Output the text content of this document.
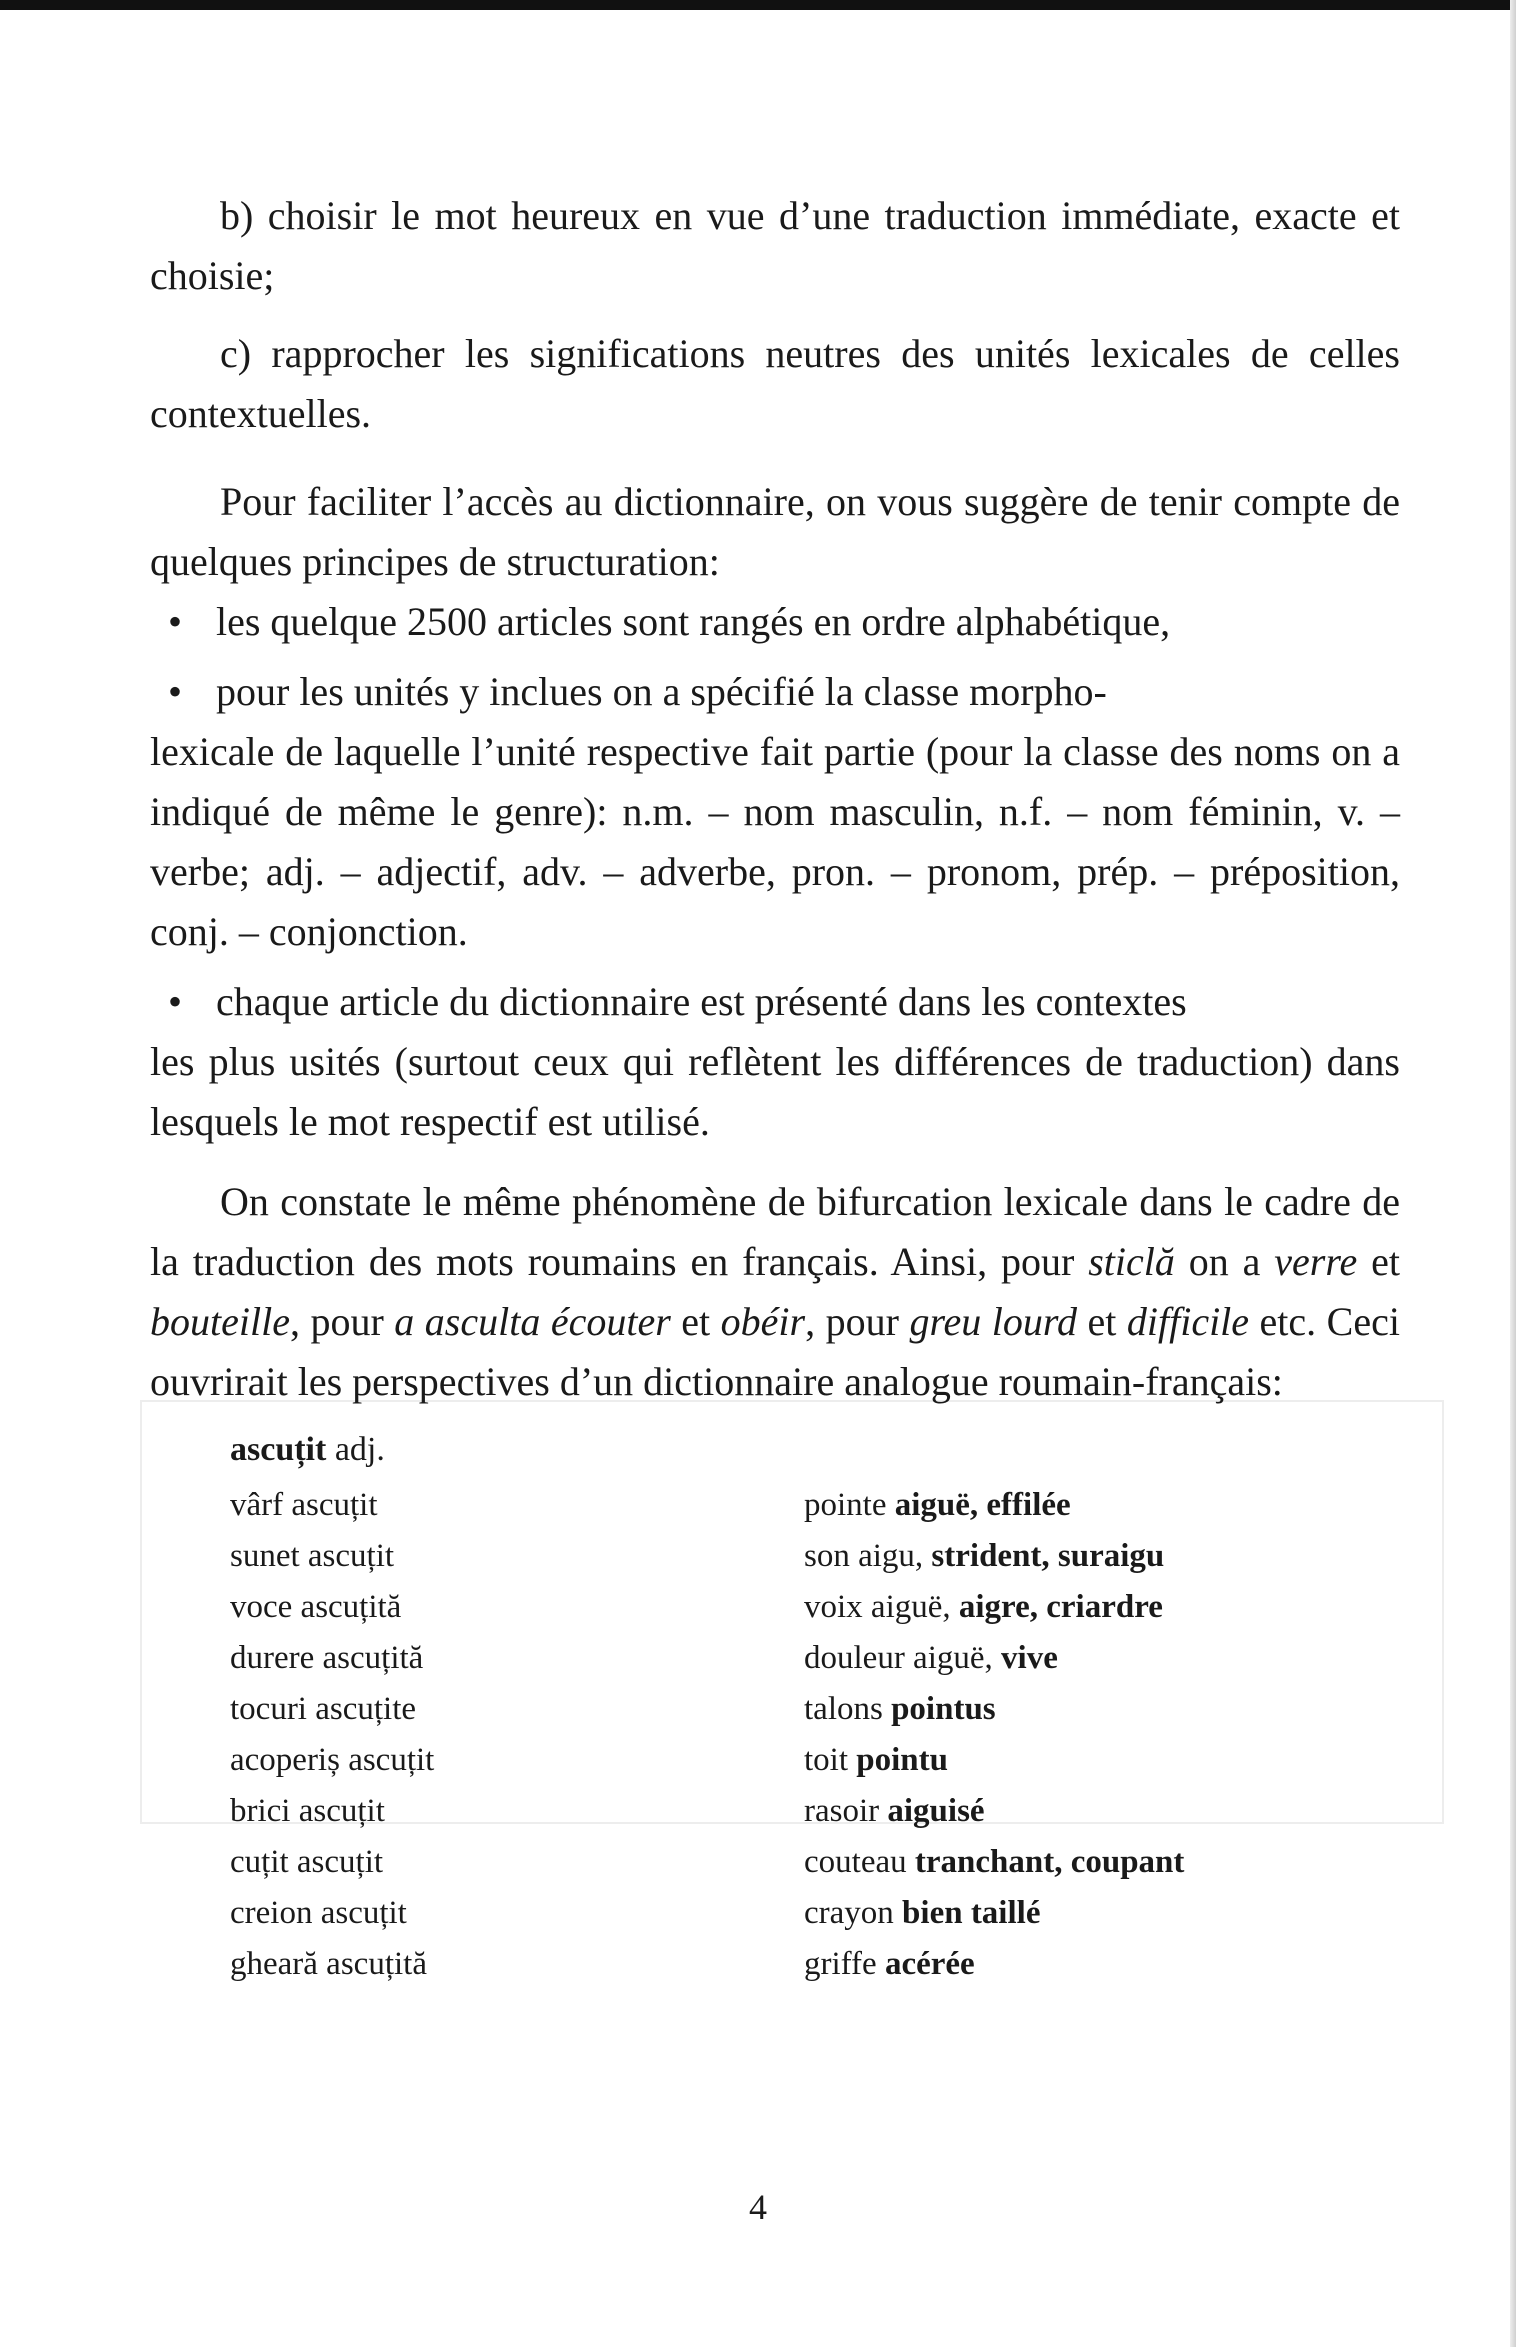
b) choisir le mot heureux en vue d’une traduction immédiate, exacte et choisie;

c) rapprocher les significations neutres des unités lexicales de celles contextuelles.

Pour faciliter l’accès au dictionnaire, on vous suggère de tenir compte de quelques principes de structuration:

• les quelque 2500 articles sont rangés en ordre alphabétique,
• pour les unités y inclues on a spécifié la classe morpho-

lexicale de laquelle l’unité respective fait partie (pour la classe des noms on a indiqué de même le genre): n.m. – nom masculin, n.f. – nom féminin, v. – verbe; adj. – adjectif, adv. – adverbe, pron. – pronom, prép. – préposition, conj. – conjonction.

• chaque article du dictionnaire est présenté dans les contextes

les plus usités (surtout ceux qui reflètent les différences de traduction) dans lesquels le mot respectif est utilisé.

On constate le même phénomène de bifurcation lexicale dans le cadre de la traduction des mots roumains en français. Ainsi, pour sticlă on a verre et bouteille, pour a asculta écouter et obéir, pour greu lourd et difficile etc. Ceci ouvrirait les perspectives d’un dictionnaire analogue roumain-français:

ascuțit adj.
vârf ascuțit	pointe aiguë, effilée
sunet ascuțit	son aigu, strident, suraigu
voce ascuțită	voix aiguë, aigre, criardre
durere ascuțită	douleur aiguë, vive
tocuri ascuțite	talons pointus
acoperiș ascuțit	toit pointu
brici ascuțit	rasoir aiguisé
cuțit ascuțit	couteau tranchant, coupant
creion ascuțit	crayon bien taillé
gheară ascuțită	griffe acérée
4
